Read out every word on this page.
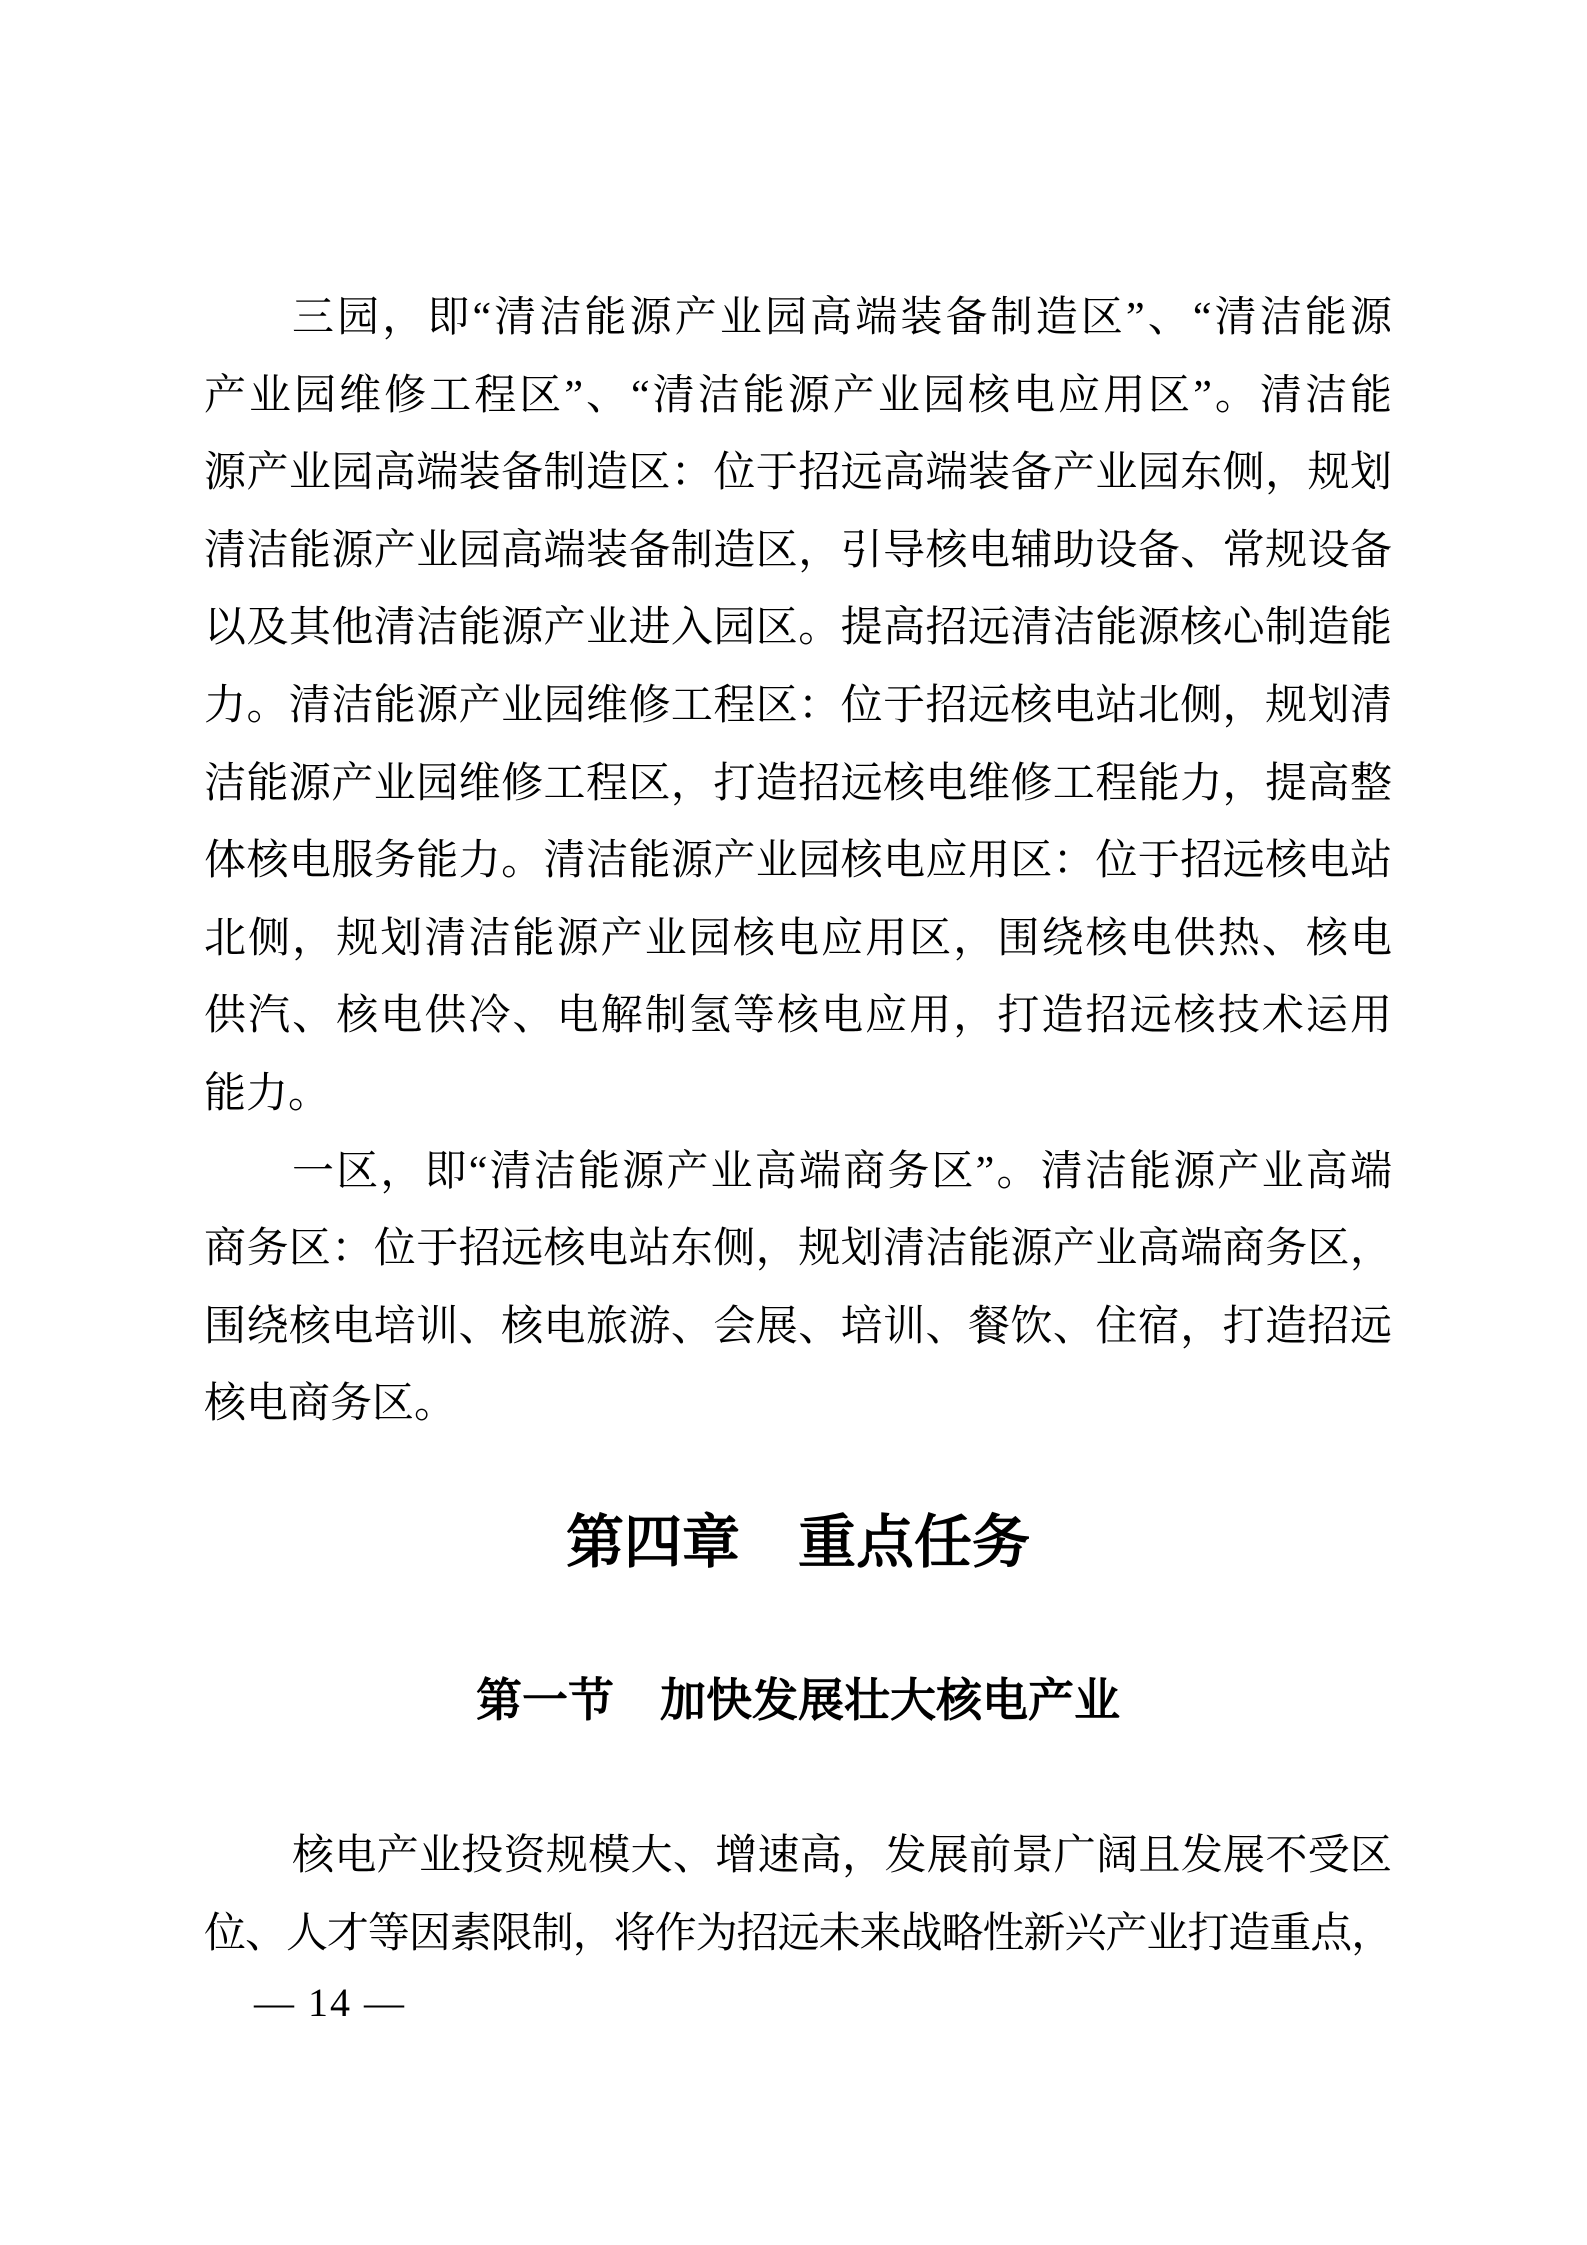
三园，即“清洁能源产业园高端装备制造区”、“清洁能源
产业园维修工程区”、“清洁能源产业园核电应用区”。清洁能
源产业园高端装备制造区：位于招远高端装备产业园东侧，规划
清洁能源产业园高端装备制造区，引导核电辅助设备、常规设备
以及其他清洁能源产业进入园区。提高招远清洁能源核心制造能
力。清洁能源产业园维修工程区：位于招远核电站北侧，规划清
洁能源产业园维修工程区，打造招远核电维修工程能力，提高整
体核电服务能力。清洁能源产业园核电应用区：位于招远核电站
北侧，规划清洁能源产业园核电应用区，围绕核电供热、核电
供汽、核电供冷、电解制氢等核电应用，打造招远核技术运用
能力。
一区，即“清洁能源产业高端商务区”。清洁能源产业高端
商务区：位于招远核电站东侧，规划清洁能源产业高端商务区，
围绕核电培训、核电旅游、会展、培训、餐饮、住宿，打造招远
核电商务区。
第四章　重点任务
第一节　加快发展壮大核电产业
核电产业投资规模大、增速高，发展前景广阔且发展不受区
位、人才等因素限制，将作为招远未来战略性新兴产业打造重点，
— 14 —
